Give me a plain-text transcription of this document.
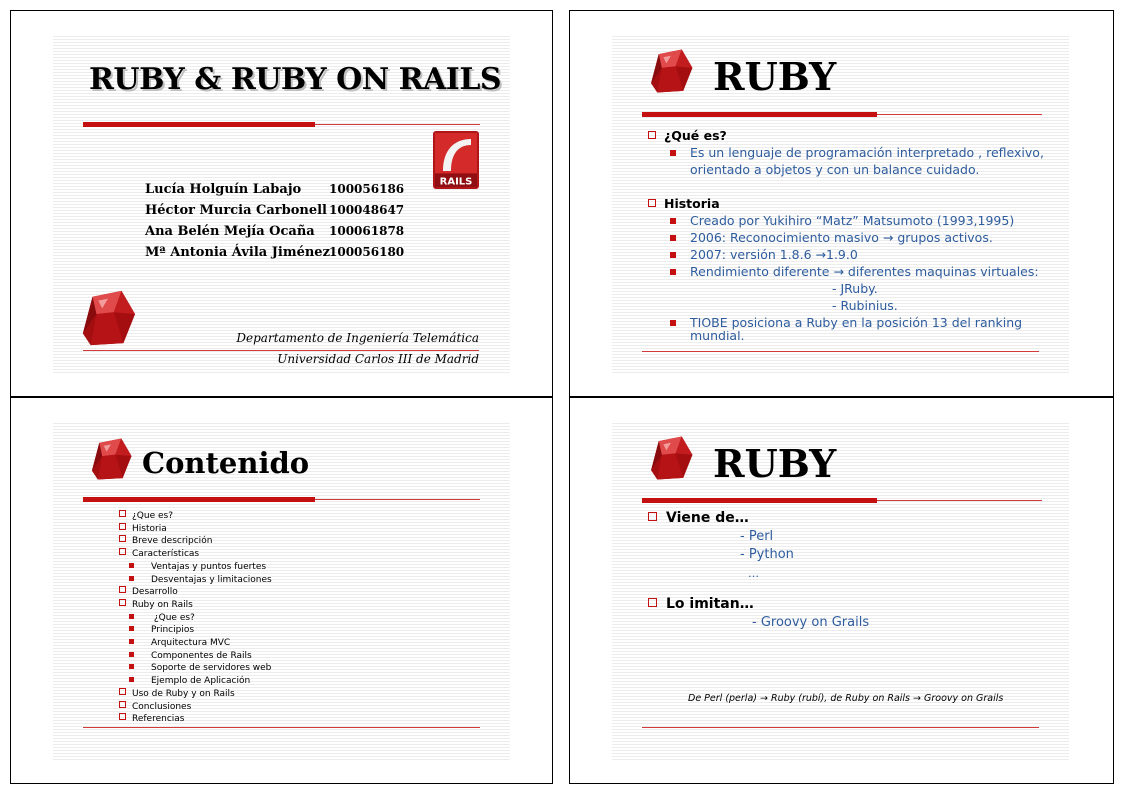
RUBY & RUBY ON RAILS
RAILS
Lucía Holguín Labajo 100056186
Héctor Murcia Carbonell 100048647
Ana Belén Mejía Ocaña 100061878
Mª Antonia Ávila Jiménez100056180
Departamento de Ingeniería Telemática
Universidad Carlos III de Madrid
RUBY
¿Qué es?
Es un lenguaje de programación interpretado , reflexivo,
orientado a objetos y con un balance cuidado.
Historia
Creado por Yukihiro “Matz” Matsumoto (1993,1995)
2006: Reconocimiento masivo → grupos activos.
2007: versión 1.8.6 →1.9.0
Rendimiento diferente → diferentes maquinas virtuales:
- JRuby.
- Rubinius.
TIOBE posiciona a Ruby en la posición 13 del ranking
mundial.
Contenido
¿Que es?
Historia
Breve descripción
Características
Ventajas y puntos fuertes
Desventajas y limitaciones
Desarrollo
Ruby on Rails
¿Que es?
Principios
Arquitectura MVC
Componentes de Rails
Soporte de servidores web
Ejemplo de Aplicación
Uso de Ruby y on Rails
Conclusiones
Referencias
RUBY
Viene de…
- Perl
- Python
…
Lo imitan…
- Groovy on Grails
De Perl (perla) → Ruby (rubí), de Ruby on Rails → Groovy on Grails
